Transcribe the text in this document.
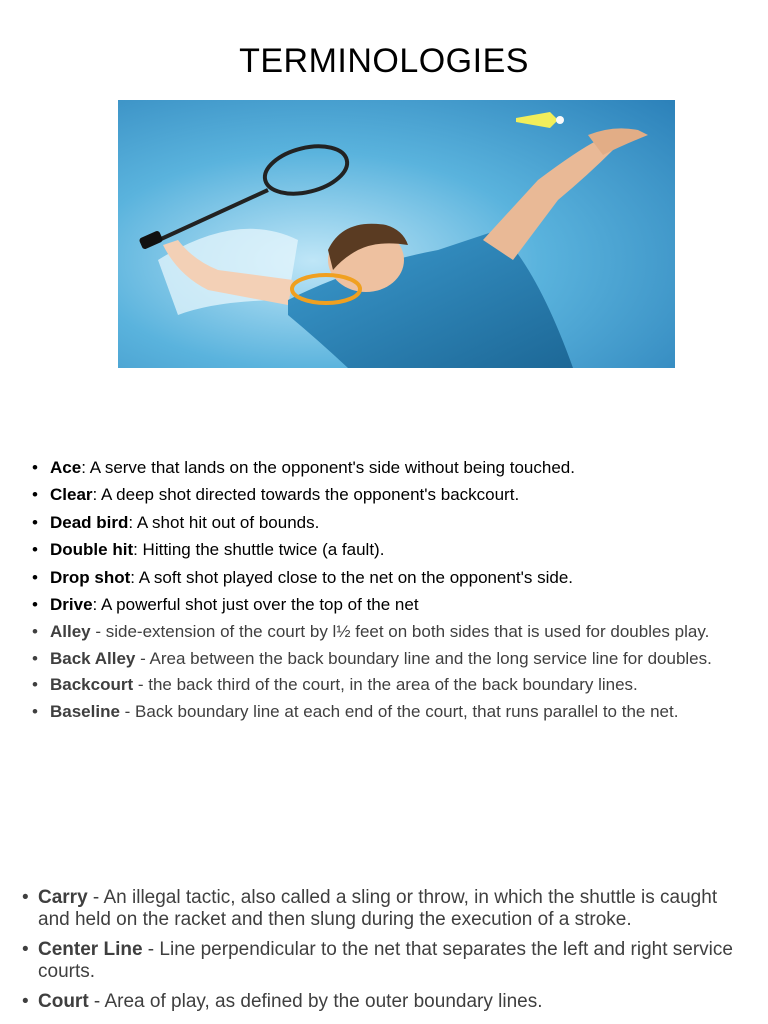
TERMINOLOGIES
• Ace: A serve that lands on the opponent's side without being touched.
• Clear: A deep shot directed towards the opponent's backcourt.
• Dead bird: A shot hit out of bounds.
• Double hit: Hitting the shuttle twice (a fault).
• Drop shot: A soft shot played close to the net on the opponent's side.
• Drive: A powerful shot just over the top of the net
• Alley - side-extension of the court by l½ feet on both sides that is used for doubles play.
• Back Alley - Area between the back boundary line and the long service line for doubles.
• Backcourt - the back third of the court, in the area of the back boundary lines.
• Baseline - Back boundary line at each end of the court, that runs parallel to the net.
• Carry - An illegal tactic, also called a sling or throw, in which the shuttle is caught and held on the racket and then slung during the execution of a stroke.
• Center Line - Line perpendicular to the net that separates the left and right service courts.
• Court - Area of play, as defined by the outer boundary lines.
